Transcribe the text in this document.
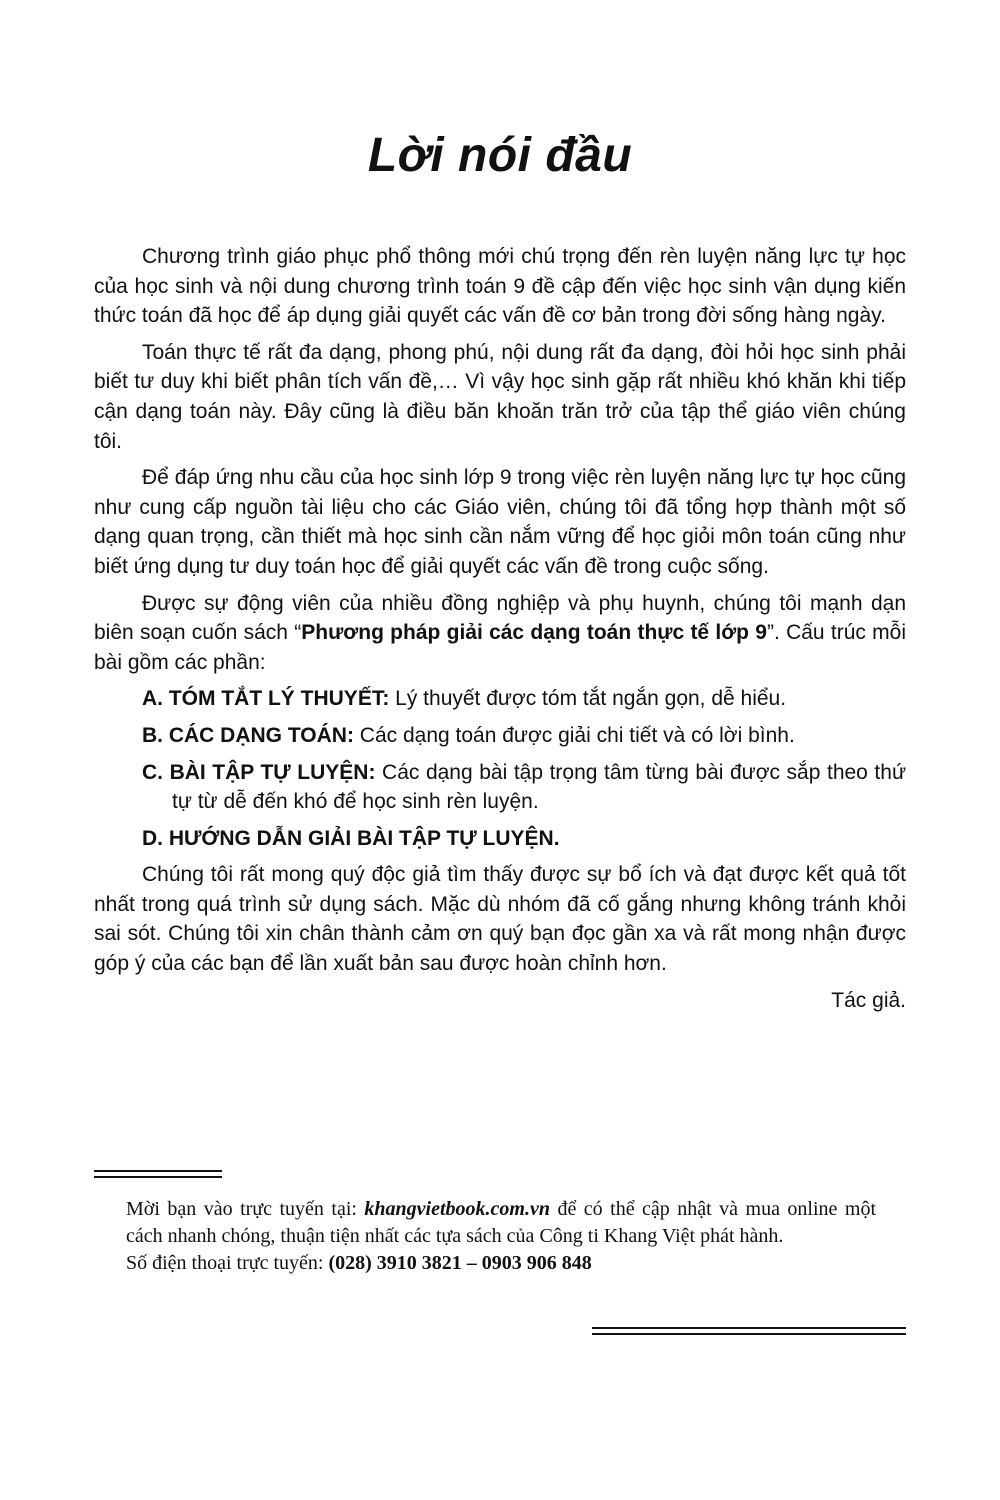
Lời nói đầu

Chương trình giáo phục phổ thông mới chú trọng đến rèn luyện năng lực tự học của học sinh và nội dung chương trình toán 9 đề cập đến việc học sinh vận dụng kiến thức toán đã học để áp dụng giải quyết các vấn đề cơ bản trong đời sống hàng ngày.

Toán thực tế rất đa dạng, phong phú, nội dung rất đa dạng, đòi hỏi học sinh phải biết tư duy khi biết phân tích vấn đề,… Vì vậy học sinh gặp rất nhiều khó khăn khi tiếp cận dạng toán này. Đây cũng là điều băn khoăn trăn trở của tập thể giáo viên chúng tôi.

Để đáp ứng nhu cầu của học sinh lớp 9 trong việc rèn luyện năng lực tự học cũng như cung cấp nguồn tài liệu cho các Giáo viên, chúng tôi đã tổng hợp thành một số dạng quan trọng, cần thiết mà học sinh cần nắm vững để học giỏi môn toán cũng như biết ứng dụng tư duy toán học để giải quyết các vấn đề trong cuộc sống.

Được sự động viên của nhiều đồng nghiệp và phụ huynh, chúng tôi mạnh dạn biên soạn cuốn sách “Phương pháp giải các dạng toán thực tế lớp 9”. Cấu trúc mỗi bài gồm các phần:

A. TÓM TẮT LÝ THUYẾT: Lý thuyết được tóm tắt ngắn gọn, dễ hiểu.
B. CÁC DẠNG TOÁN: Các dạng toán được giải chi tiết và có lời bình.
C. BÀI TẬP TỰ LUYỆN: Các dạng bài tập trọng tâm từng bài được sắp theo thứ tự từ dễ đến khó để học sinh rèn luyện.
D. HƯỚNG DẪN GIẢI BÀI TẬP TỰ LUYỆN.

Chúng tôi rất mong quý độc giả tìm thấy được sự bổ ích và đạt được kết quả tốt nhất trong quá trình sử dụng sách. Mặc dù nhóm đã cố gắng nhưng không tránh khỏi sai sót. Chúng tôi xin chân thành cảm ơn quý bạn đọc gần xa và rất mong nhận được góp ý của các bạn để lần xuất bản sau được hoàn chỉnh hơn.

Tác giả.

Mời bạn vào trực tuyến tại: khangvietbook.com.vn để có thể cập nhật và mua online một cách nhanh chóng, thuận tiện nhất các tựa sách của Công ti Khang Việt phát hành.

Số điện thoại trực tuyến: (028) 3910 3821 – 0903 906 848
